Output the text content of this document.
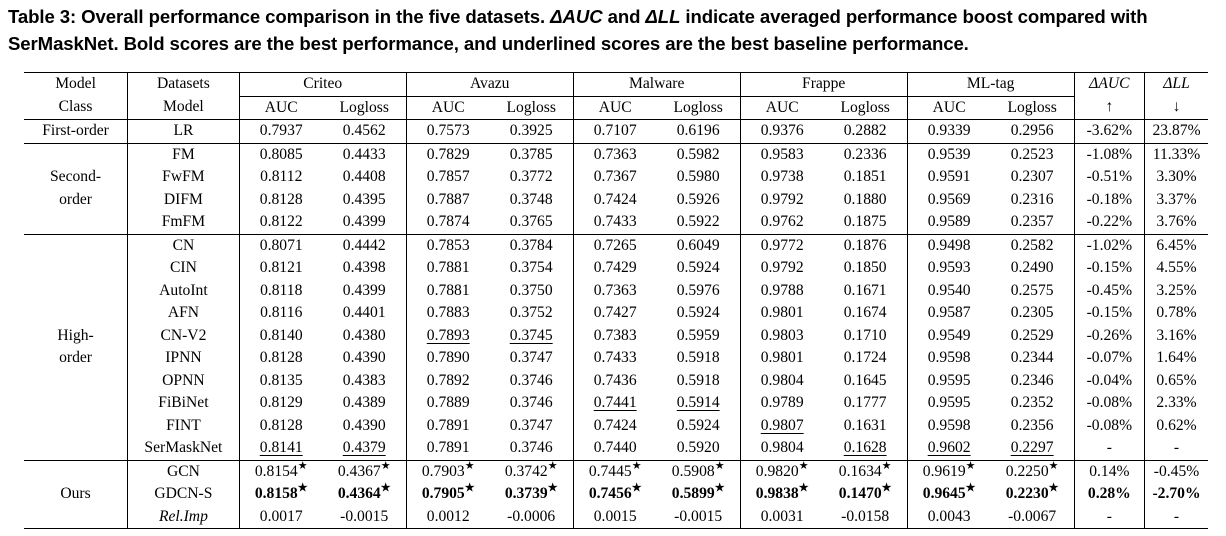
Table 3: Overall performance comparison in the five datasets. ΔAUC and ΔLL indicate averaged performance boost compared with SerMaskNet. Bold scores are the best performance, and underlined scores are the best baseline performance.
Model	Datasets	Criteo		Avazu		Malware		Frappe		ML-tag		ΔAUC	ΔLL
Class	Model	AUC	Logloss	AUC	Logloss	AUC	Logloss	AUC	Logloss	AUC	Logloss	↑	↓

First-order	LR	0.7937	0.4562	0.7573	0.3925	0.7107	0.6196	0.9376	0.2882	0.9339	0.2956	-3.62%	23.87%

Second-
order	FM	0.8085	0.4433	0.7829	0.3785	0.7363	0.5982	0.9583	0.2336	0.9539	0.2523	-1.08%	11.33%
	FwFM	0.8112	0.4408	0.7857	0.3772	0.7367	0.5980	0.9738	0.1851	0.9591	0.2307	-0.51%	3.30%
	DIFM	0.8128	0.4395	0.7887	0.3748	0.7424	0.5926	0.9792	0.1880	0.9569	0.2316	-0.18%	3.37%
	FmFM	0.8122	0.4399	0.7874	0.3765	0.7433	0.5922	0.9762	0.1875	0.9589	0.2357	-0.22%	3.76%

High-
order	CN	0.8071	0.4442	0.7853	0.3784	0.7265	0.6049	0.9772	0.1876	0.9498	0.2582	-1.02%	6.45%
	CIN	0.8121	0.4398	0.7881	0.3754	0.7429	0.5924	0.9792	0.1850	0.9593	0.2490	-0.15%	4.55%
	AutoInt	0.8118	0.4399	0.7881	0.3750	0.7363	0.5976	0.9788	0.1671	0.9540	0.2575	-0.45%	3.25%
	AFN	0.8116	0.4401	0.7883	0.3752	0.7427	0.5924	0.9801	0.1674	0.9587	0.2305	-0.15%	0.78%
	CN-V2	0.8140	0.4380	0.7893	0.3745	0.7383	0.5959	0.9803	0.1710	0.9549	0.2529	-0.26%	3.16%
	IPNN	0.8128	0.4390	0.7890	0.3747	0.7433	0.5918	0.9801	0.1724	0.9598	0.2344	-0.07%	1.64%
	OPNN	0.8135	0.4383	0.7892	0.3746	0.7436	0.5918	0.9804	0.1645	0.9595	0.2346	-0.04%	0.65%
	FiBiNet	0.8129	0.4389	0.7889	0.3746	0.7441	0.5914	0.9789	0.1777	0.9595	0.2352	-0.08%	2.33%
	FINT	0.8128	0.4390	0.7891	0.3747	0.7424	0.5924	0.9807	0.1631	0.9598	0.2356	-0.08%	0.62%
	SerMaskNet	0.8141	0.4379	0.7891	0.3746	0.7440	0.5920	0.9804	0.1628	0.9602	0.2297	-	-

Ours	GCN	0.8154★	0.4367★	0.7903★	0.3742★	0.7445★	0.5908★	0.9820★	0.1634★	0.9619★	0.2250★	0.14%	-0.45%
	GDCN-S	0.8158★	0.4364★	0.7905★	0.3739★	0.7456★	0.5899★	0.9838★	0.1470★	0.9645★	0.2230★	0.28%	-2.70%
	Rel.Imp	0.0017	-0.0015	0.0012	-0.0006	0.0015	-0.0015	0.0031	-0.0158	0.0043	-0.0067	-	-
